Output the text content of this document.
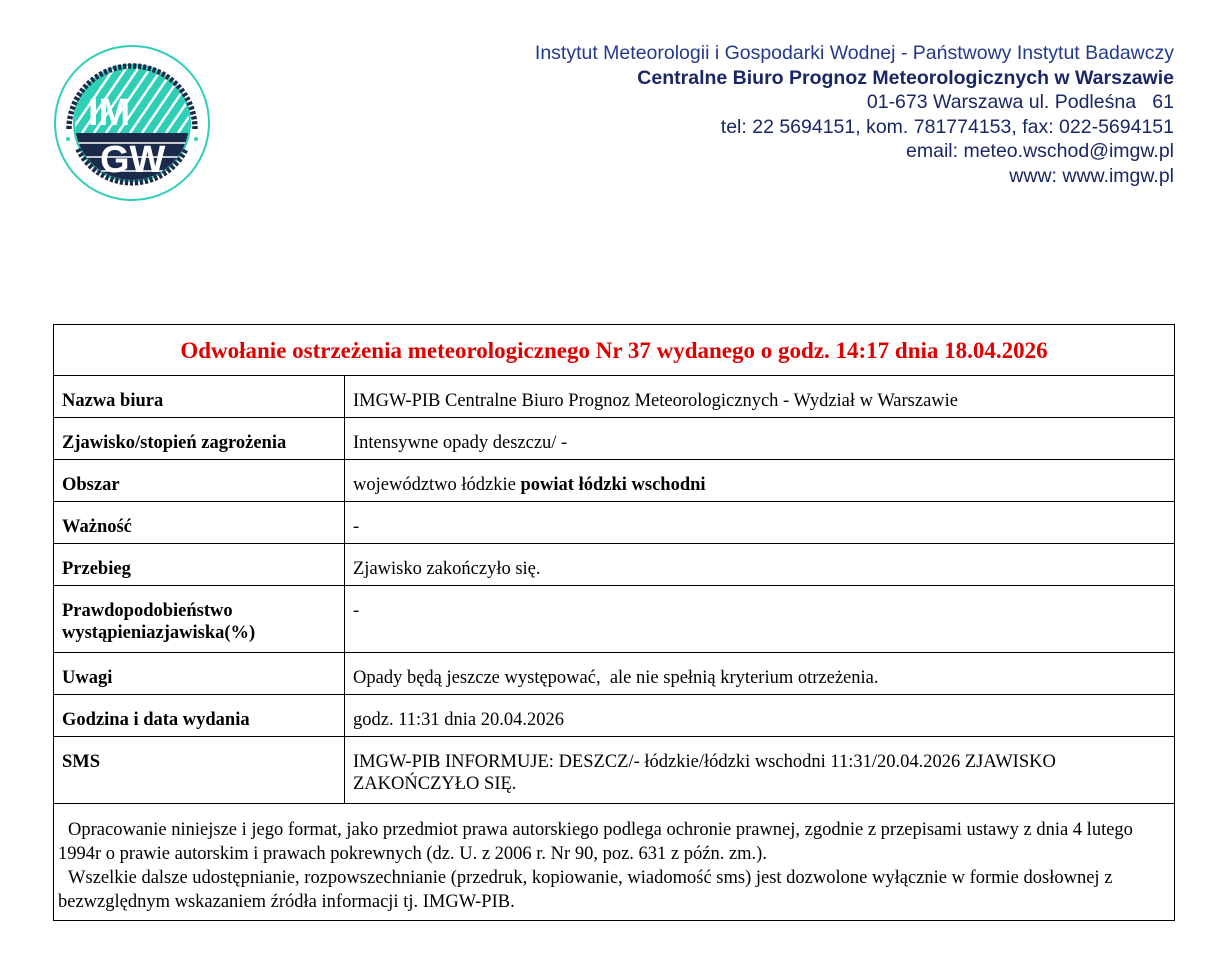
IM
GW
Instytut Meteorologii i Gospodarki Wodnej - Państwowy Instytut Badawczy
Centralne Biuro Prognoz Meteorologicznych w Warszawie
01-673 Warszawa ul. Podleśna   61
tel: 22 5694151, kom. 781774153, fax: 022-5694151
email: meteo.wschod@imgw.pl
www: www.imgw.pl
Odwołanie ostrzeżenia meteorologicznego Nr 37 wydanego o godz. 14:17 dnia 18.04.2026	
Nazwa biura	IMGW-PIB Centralne Biuro Prognoz Meteorologicznych - Wydział w Warszawie
Zjawisko/stopień zagrożenia	Intensywne opady deszczu/ -
Obszar	województwo łódzkie powiat łódzki wschodni
Ważność	-
Przebieg	Zjawisko zakończyło się.
Prawdopodobieństwo wystąpieniazjawiska(%)	-
Uwagi	Opady będą jeszcze występować,  ale nie spełnią kryterium otrzeżenia.
Godzina i data wydania	godz. 11:31 dnia 20.04.2026
SMS	IMGW-PIB INFORMUJE: DESZCZ/- łódzkie/łódzki wschodni 11:31/20.04.2026 ZJAWISKO ZAKOŃCZYŁO SIĘ.

Opracowanie niniejsze i jego format, jako przedmiot prawa autorskiego podlega ochronie prawnej, zgodnie z przepisami ustawy z dnia 4 lutego 1994r o prawie autorskim i prawach pokrewnych (dz. U. z 2006 r. Nr 90, poz. 631 z późn. zm.).

Wszelkie dalsze udostępnianie, rozpowszechnianie (przedruk, kopiowanie, wiadomość sms) jest dozwolone wyłącznie w formie dosłownej z bezwzględnym wskazaniem źródła informacji tj. IMGW-PIB.	
